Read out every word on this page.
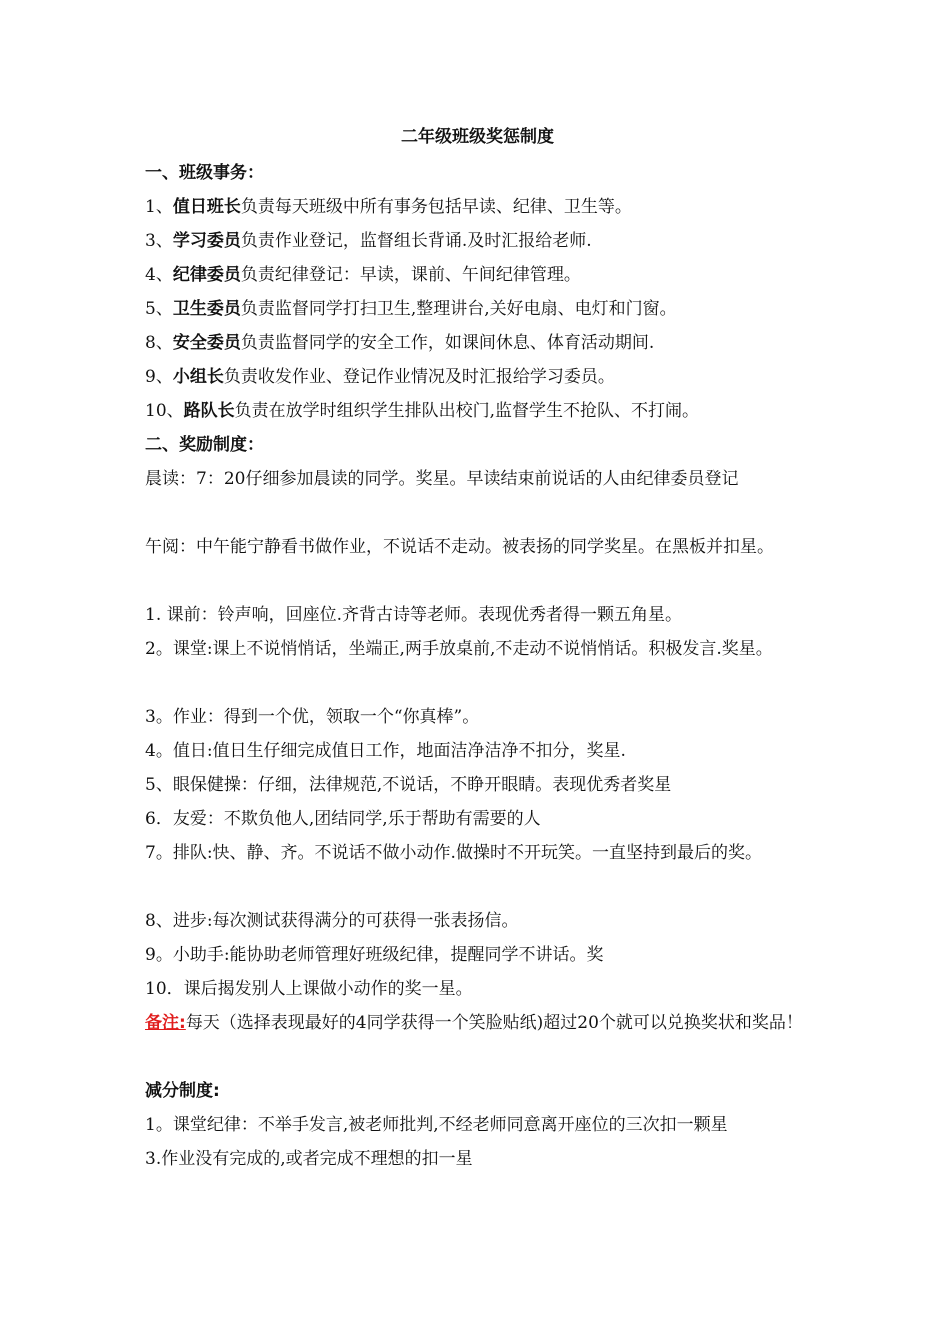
二年级班级奖惩制度
一、班级事务：
1、值日班长负责每天班级中所有事务包括早读、纪律、卫生等。
3、学习委员负责作业登记，监督组长背诵.及时汇报给老师.
4、纪律委员负责纪律登记：早读，课前、午间纪律管理。
5、卫生委员负责监督同学打扫卫生,整理讲台,关好电扇、电灯和门窗。
8、安全委员负责监督同学的安全工作，如课间休息、体育活动期间.
9、小组长负责收发作业、登记作业情况及时汇报给学习委员。
10、路队长负责在放学时组织学生排队出校门,监督学生不抢队、不打闹。
二、奖励制度：
晨读：7：20仔细参加晨读的同学。奖星。早读结束前说话的人由纪律委员登记
午阅：中午能宁静看书做作业，不说话不走动。被表扬的同学奖星。在黑板并扣星。
1. 课前：铃声响，回座位.齐背古诗等老师。表现优秀者得一颗五角星。
2。课堂:课上不说悄悄话，坐端正,两手放桌前,不走动不说悄悄话。积极发言.奖星。
3。作业：得到一个优，领取一个“你真棒”。
4。值日:值日生仔细完成值日工作，地面洁净洁净不扣分，奖星.
5、眼保健操：仔细，法律规范,不说话，不睁开眼睛。表现优秀者奖星
6．友爱：不欺负他人,团结同学,乐于帮助有需要的人
7。排队:快、静、齐。不说话不做小动作.做操时不开玩笑。一直坚持到最后的奖。
8、进步:每次测试获得满分的可获得一张表扬信。
9。小助手:能协助老师管理好班级纪律，提醒同学不讲话。奖
10．课后揭发别人上课做小动作的奖一星。
备注:每天（选择表现最好的4同学获得一个笑脸贴纸)超过20个就可以兑换奖状和奖品！
减分制度:
1。课堂纪律：不举手发言,被老师批判,不经老师同意离开座位的三次扣一颗星
3.作业没有完成的,或者完成不理想的扣一星
